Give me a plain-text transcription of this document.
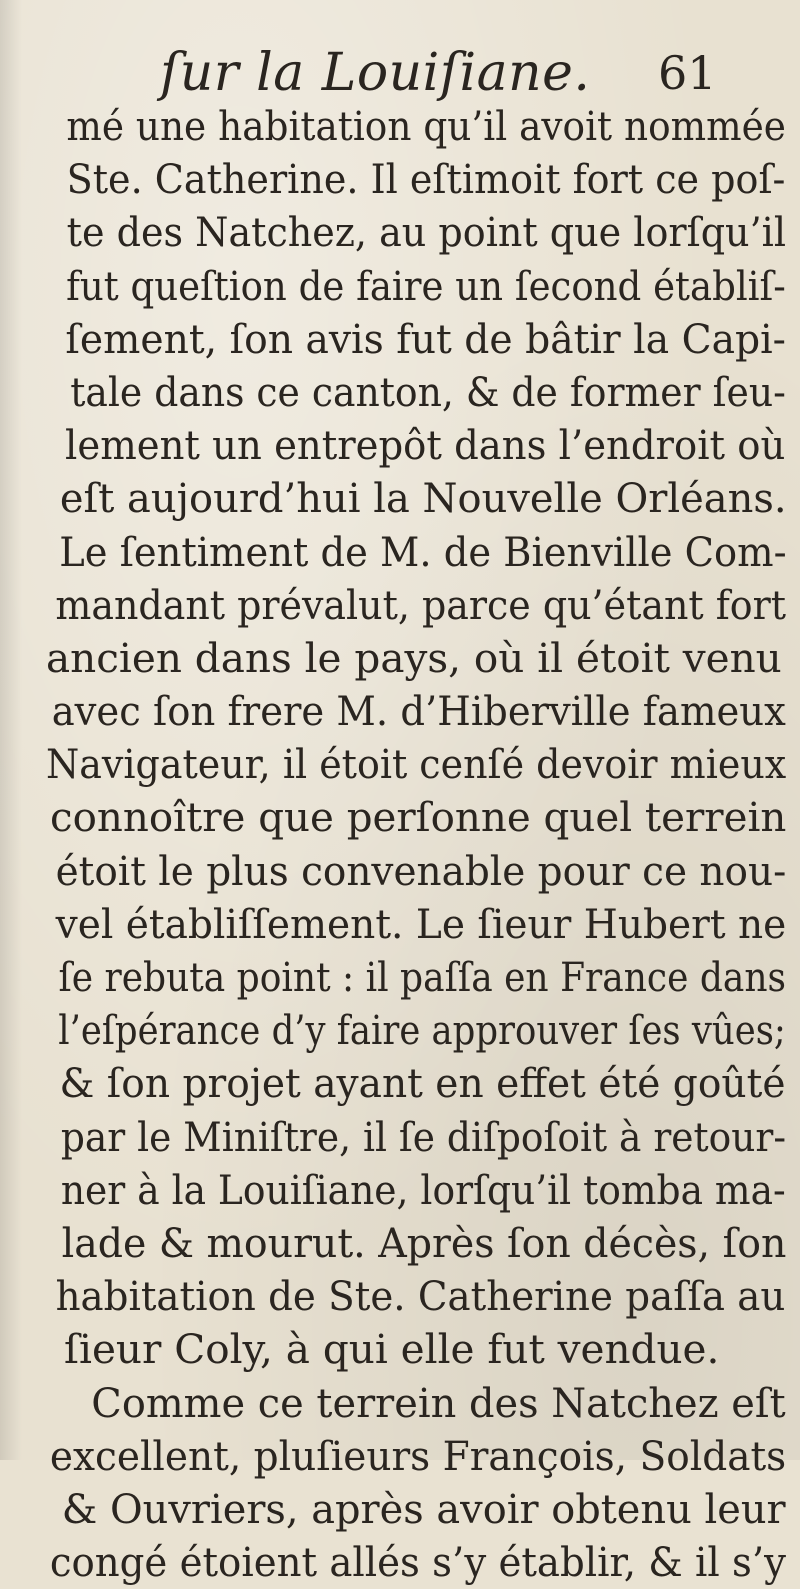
ſur la Louiſiane. 61
mé une habitation qu’il avoit nommée
Ste. Catherine. Il eſtimoit fort ce poſ-
te des Natchez, au point que lorſqu’il
fut queſtion de faire un ſecond établiſ-
ſement, ſon avis fut de bâtir la Capi-
tale dans ce canton, & de former ſeu-
lement un entrepôt dans l’endroit où
eſt aujourd’hui la Nouvelle Orléans.
Le ſentiment de M. de Bienville Com-
mandant prévalut, parce qu’étant fort
ancien dans le pays, où il étoit venu
avec ſon frere M. d’Hiberville fameux
Navigateur, il étoit cenſé devoir mieux
connoître que perſonne quel terrein
étoit le plus convenable pour ce nou-
vel établiſſement. Le ſieur Hubert ne
ſe rebuta point : il paſſa en France dans
l’eſpérance d’y faire approuver ſes vûes;
& ſon projet ayant en effet été goûté
par le Miniſtre, il ſe diſpoſoit à retour-
ner à la Louiſiane, lorſqu’il tomba ma-
lade & mourut. Après ſon décès, ſon
habitation de Ste. Catherine paſſa au
ſieur Coly, à qui elle fut vendue.
Comme ce terrein des Natchez eſt
excellent, pluſieurs François, Soldats
& Ouvriers, après avoir obtenu leur
congé étoient allés s’y établir, & il s’y
